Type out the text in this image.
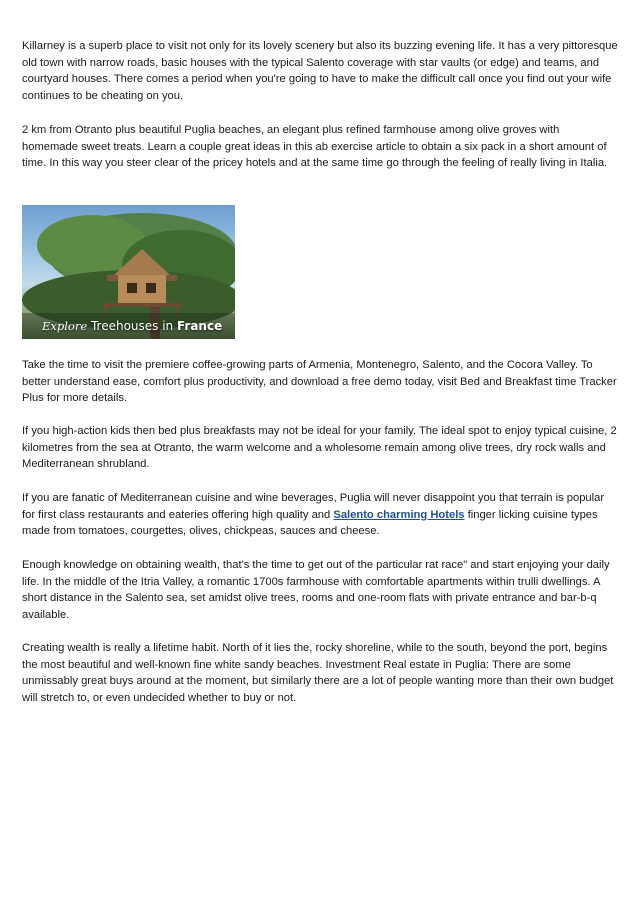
Killarney is a superb place to visit not only for its lovely scenery but also its buzzing evening life. It has a very pittoresque old town with narrow roads, basic houses with the typical Salento coverage with star vaults (or edge) and teams, and courtyard houses. There comes a period when you're going to have to make the difficult call once you find out your wife continues to be cheating on you.

2 km from Otranto plus beautiful Puglia beaches, an elegant plus refined farmhouse among olive groves with homemade sweet treats. Learn a couple great ideas in this ab exercise article to obtain a six pack in a short amount of time. In this way you steer clear of the pricey hotels and at the same time go through the feeling of really living in Italia.

Explore Treehouses in France

Take the time to visit the premiere coffee-growing parts of Armenia, Montenegro, Salento, and the Cocora Valley. To better understand ease, comfort plus productivity, and download a free demo today, visit Bed and Breakfast time Tracker Plus for more details.

If you high-action kids then bed plus breakfasts may not be ideal for your family. The ideal spot to enjoy typical cuisine, 2 kilometres from the sea at Otranto, the warm welcome and a wholesome remain among olive trees, dry rock walls and Mediterranean shrubland.

If you are fanatic of Mediterranean cuisine and wine beverages, Puglia will never disappoint you that terrain is popular for first class restaurants and eateries offering high quality and Salento charming Hotels finger licking cuisine types made from tomatoes, courgettes, olives, chickpeas, sauces and cheese.

Enough knowledge on obtaining wealth, that's the time to get out of the particular rat race" and start enjoying your daily life. In the middle of the Itria Valley, a romantic 1700s farmhouse with comfortable apartments within trulli dwellings. A short distance in the Salento sea, set amidst olive trees, rooms and one-room flats with private entrance and bar-b-q available.

Creating wealth is really a lifetime habit. North of it lies the, rocky shoreline, while to the south, beyond the port, begins the most beautiful and well-known fine white sandy beaches. Investment Real estate in Puglia: There are some unmissably great buys around at the moment, but similarly there are a lot of people wanting more than their own budget will stretch to, or even undecided whether to buy or not.
